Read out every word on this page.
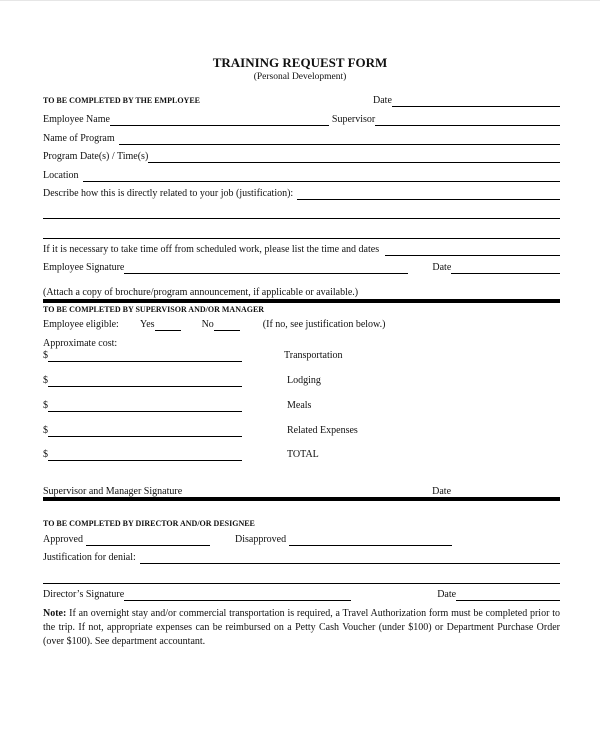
TRAINING REQUEST FORM
(Personal Development)
TO BE COMPLETED BY THE EMPLOYEE	Date
Employee Name	Supervisor
Name of Program
Program Date(s) / Time(s)
Location
Describe how this is directly related to your job (justification):
If it is necessary to take time off from scheduled work, please list the time and dates
Employee Signature	Date
(Attach a copy of brochure/program announcement, if applicable or available.)
TO BE COMPLETED BY SUPERVISOR AND/OR MANAGER
Employee eligible:	Yes	No	(If no, see justification below.)
Approximate cost:
$	Transportation
$	Lodging
$	Meals
$	Related Expenses
$	TOTAL
Supervisor and Manager Signature	Date
TO BE COMPLETED BY DIRECTOR AND/OR DESIGNEE
Approved	Disapproved
Justification for denial:
Director’s Signature	Date
Note: If an overnight stay and/or commercial transportation is required, a Travel Authorization form must be completed prior to the trip. If not, appropriate expenses can be reimbursed on a Petty Cash Voucher (under $100) or Department Purchase Order (over $100). See department accountant.
